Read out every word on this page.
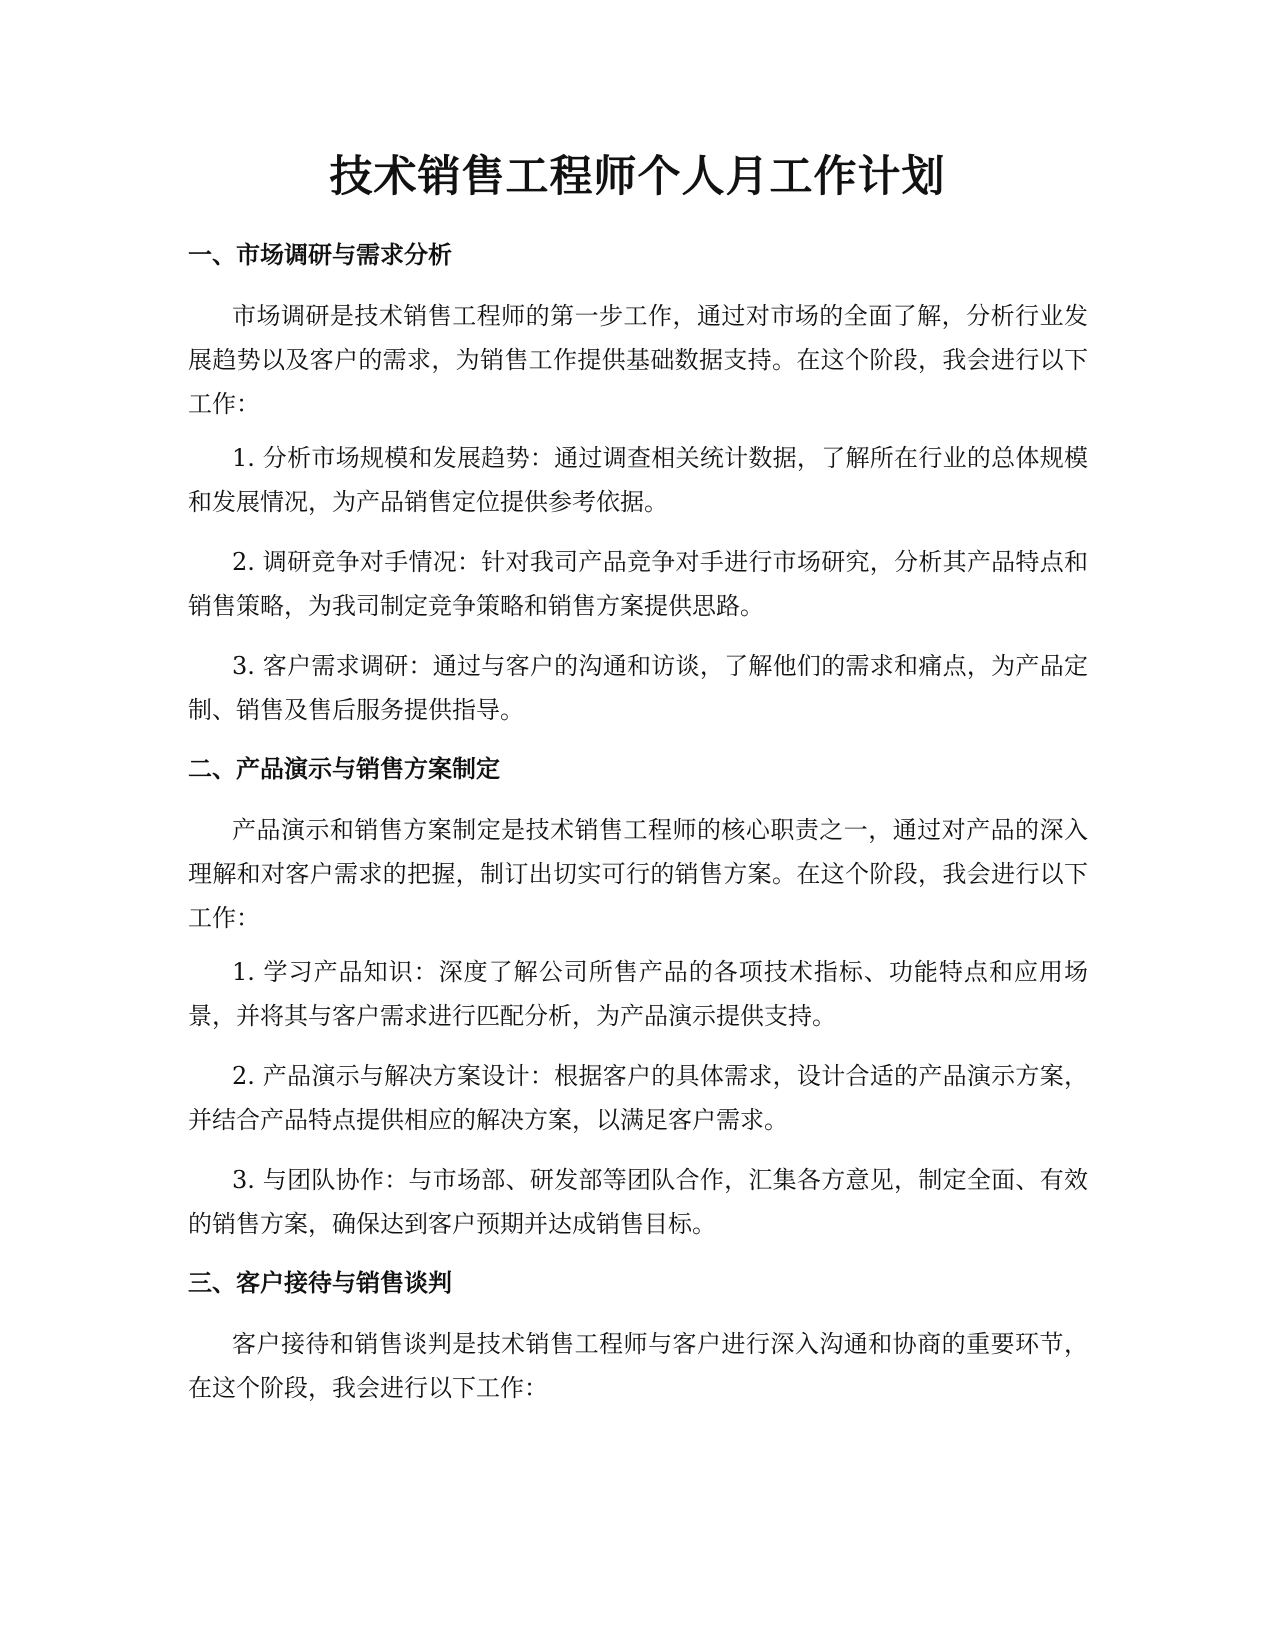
技术销售工程师个人月工作计划
一、市场调研与需求分析

市场调研是技术销售工程师的第一步工作，通过对市场的全面了解，分析行业发展趋势以及客户的需求，为销售工作提供基础数据支持。在这个阶段，我会进行以下工作：

1. 分析市场规模和发展趋势：通过调查相关统计数据，了解所在行业的总体规模和发展情况，为产品销售定位提供参考依据。

2. 调研竞争对手情况：针对我司产品竞争对手进行市场研究，分析其产品特点和销售策略，为我司制定竞争策略和销售方案提供思路。

3. 客户需求调研：通过与客户的沟通和访谈，了解他们的需求和痛点，为产品定制、销售及售后服务提供指导。

二、产品演示与销售方案制定

产品演示和销售方案制定是技术销售工程师的核心职责之一，通过对产品的深入理解和对客户需求的把握，制订出切实可行的销售方案。在这个阶段，我会进行以下工作：

1. 学习产品知识：深度了解公司所售产品的各项技术指标、功能特点和应用场景，并将其与客户需求进行匹配分析，为产品演示提供支持。

2. 产品演示与解决方案设计：根据客户的具体需求，设计合适的产品演示方案，并结合产品特点提供相应的解决方案，以满足客户需求。

3. 与团队协作：与市场部、研发部等团队合作，汇集各方意见，制定全面、有效的销售方案，确保达到客户预期并达成销售目标。

三、客户接待与销售谈判

客户接待和销售谈判是技术销售工程师与客户进行深入沟通和协商的重要环节，在这个阶段，我会进行以下工作：
